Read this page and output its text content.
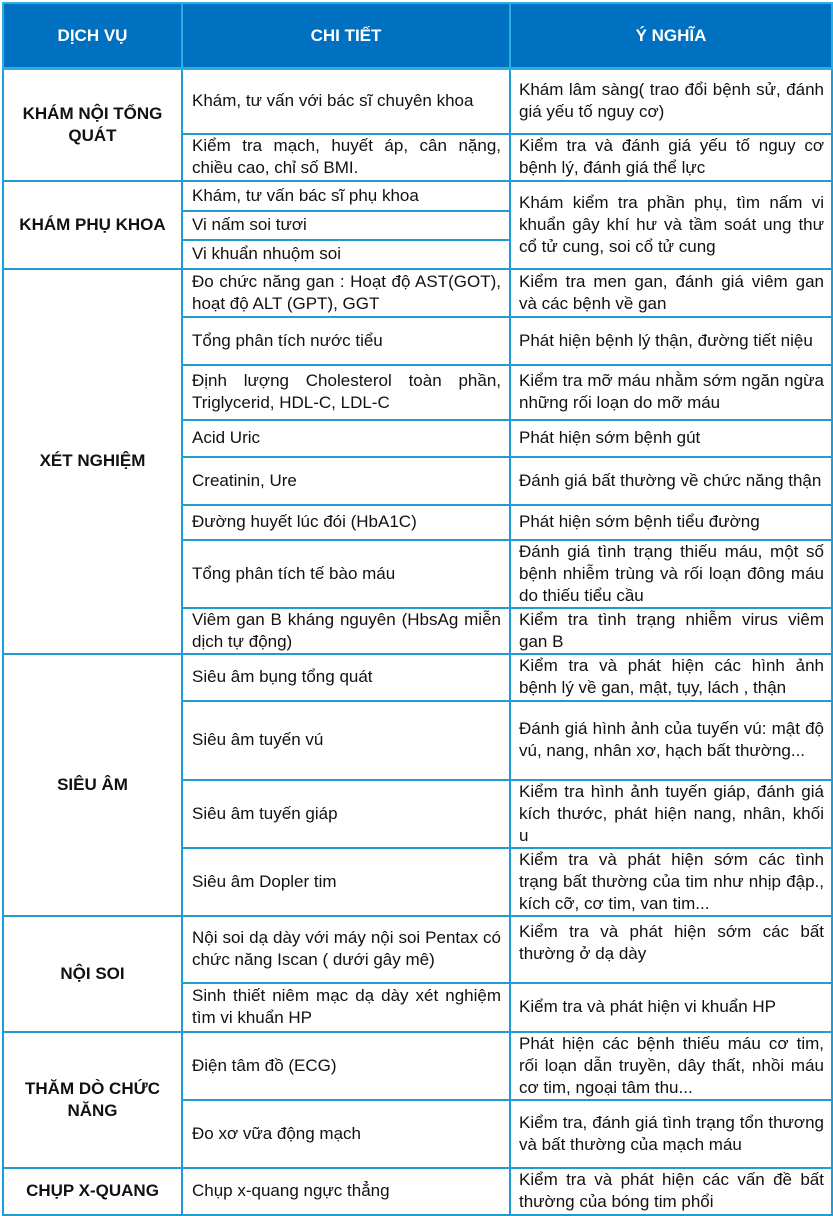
DỊCH VỤ	CHI TIẾT	Ý NGHĨA
KHÁM NỘI TỔNG QUÁT	Khám, tư vấn với bác sĩ chuyên khoa	Khám lâm sàng( trao đổi bệnh sử, đánh giá yếu tố nguy cơ)
	Kiểm tra mạch, huyết áp, cân nặng, chiều cao, chỉ số BMI.	Kiểm tra và đánh giá yếu tố nguy cơ bệnh lý, đánh giá thể lực
KHÁM PHỤ KHOA	Khám, tư vấn bác sĩ phụ khoa	Khám kiểm tra phần phụ, tìm nấm vi khuẩn gây khí hư và tầm soát ung thư cổ tử cung, soi cổ tử cung
	Vi nấm soi tươi	
	Vi khuẩn nhuộm soi	
XÉT NGHIỆM	Đo chức năng gan : Hoạt độ AST(GOT), hoạt độ ALT (GPT), GGT	Kiểm tra men gan, đánh giá viêm gan và các bệnh về gan
	Tổng phân tích nước tiểu	Phát hiện bệnh lý thận, đường tiết niệu
	Định lượng Cholesterol toàn phần, Triglycerid, HDL-C, LDL-C	Kiểm tra mỡ máu nhằm sớm ngăn ngừa những rối loạn do mỡ máu
	Acid Uric	Phát hiện sớm bệnh gút
	Creatinin, Ure	Đánh giá bất thường về chức năng thận
	Đường huyết lúc đói (HbA1C)	Phát hiện sớm bệnh tiểu đường
	Tổng phân tích tế bào máu	Đánh giá tình trạng thiếu máu, một số bệnh nhiễm trùng và rối loạn đông máu do thiếu tiểu cầu
	Viêm gan B kháng nguyên (HbsAg miễn dịch tự động)	Kiểm tra tình trạng nhiễm virus viêm gan B
SIÊU ÂM	Siêu âm bụng tổng quát	Kiểm tra và phát hiện các hình ảnh bệnh lý về gan, mật, tụy, lách , thận
	Siêu âm tuyến vú	Đánh giá hình ảnh của tuyến vú: mật độ vú, nang, nhân xơ, hạch bất thường...
	Siêu âm tuyến giáp	Kiểm tra hình ảnh tuyến giáp, đánh giá kích thước, phát hiện nang, nhân, khối u
	Siêu âm Dopler tim	Kiểm tra và phát hiện sớm các tình trạng bất thường của tim như nhịp đập., kích cỡ, cơ tim, van tim...
NỘI SOI	Nội soi dạ dày với máy nội soi Pentax có chức năng Iscan ( dưới gây mê)	Kiểm tra và phát hiện sớm các bất thường ở dạ dày
	Sinh thiết niêm mạc dạ dày xét nghiệm tìm vi khuẩn HP	Kiểm tra và phát hiện vi khuẩn HP
THĂM DÒ CHỨC NĂNG	Điện tâm đồ (ECG)	Phát hiện các bệnh thiếu máu cơ tim, rối loạn dẫn truyền, dây thất, nhồi máu cơ tim, ngoại tâm thu...
	Đo xơ vữa động mạch	Kiểm tra, đánh giá tình trạng tổn thương và bất thường của mạch máu
CHỤP X-QUANG	Chụp x-quang ngực thẳng	Kiểm tra và phát hiện các vấn đề bất thường của bóng tim phổi
